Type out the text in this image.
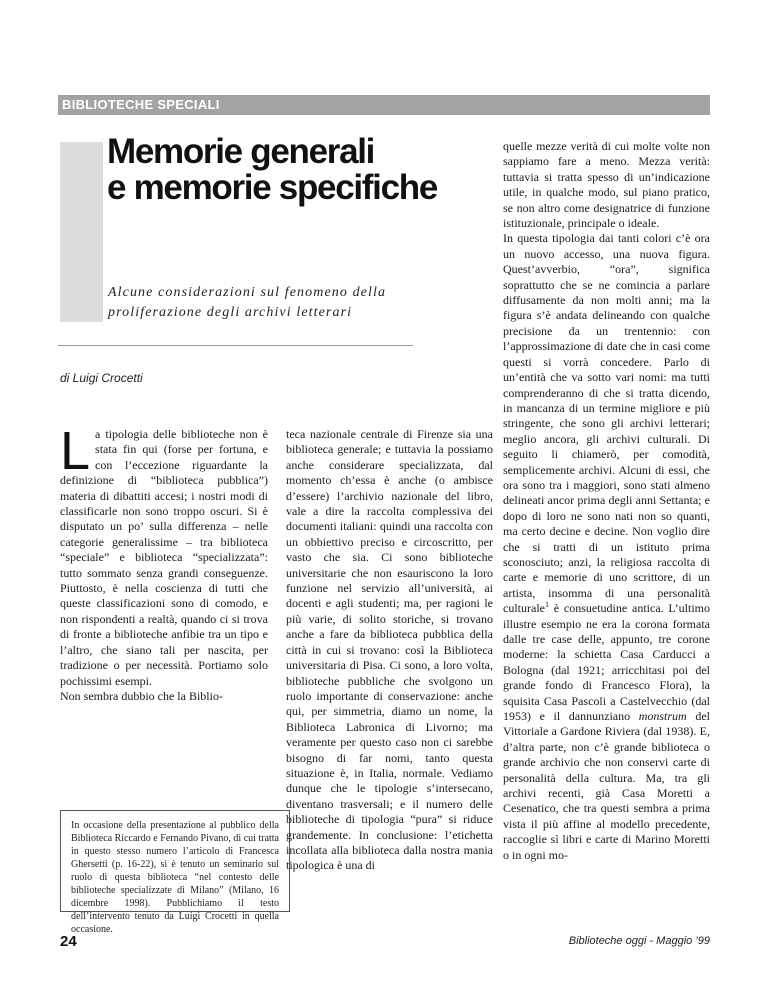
BIBLIOTECHE SPECIALI
Memorie generali
e memorie specifiche

Alcune considerazioni sul fenomeno della
proliferazione degli archivi letterari

di Luigi Crocetti
L a tipologia delle biblioteche non è stata fin qui (forse per fortuna, e con l’eccezione riguardante la definizione di “biblioteca pubblica”) materia di dibattiti accesi; i nostri modi di classificarle non sono troppo oscuri. Si è disputato un po’ sulla differenza – nelle categorie generalissime – tra biblioteca “speciale” e biblioteca “specializzata”: tutto sommato senza grandi conseguenze. Piuttosto, è nella coscienza di tutti che queste classificazioni sono di comodo, e non rispondenti a realtà, quando ci si trova di fronte a biblioteche anfibie tra un tipo e l’altro, che siano tali per nascita, per tradizione o per necessità. Portiamo solo pochissimi esempi.
Non sembra dubbio che la Biblio-
In occasione della presentazione al pubblico della Biblioteca Riccardo e Fernando Pivano, di cui tratta in questo stesso numero l’articolo di Francesca Ghersetti (p. 16-22), si è tenuto un seminario sul ruolo di questa biblioteca “nel contesto delle biblioteche specializzate di Milano” (Milano, 16 dicembre 1998). Pubblichiamo il testo dell’intervento tenuto da Luigi Crocetti in quella occasione.
teca nazionale centrale di Firenze sia una biblioteca generale; e tuttavia la possiamo anche considerare specializzata, dal momento ch’essa è anche (o ambisce d’essere) l’archivio nazionale del libro, vale a dire la raccolta complessiva dei documenti italiani: quindi una raccolta con un obbiettivo preciso e circoscritto, per vasto che sia. Ci sono biblioteche universitarie che non esauriscono la loro funzione nel servizio all’università, ai docenti e agli studenti; ma, per ragioni le più varie, di solito storiche, si trovano anche a fare da biblioteca pubblica della città in cui si trovano: così la Biblioteca universitaria di Pisa. Ci sono, a loro volta, biblioteche pubbliche che svolgono un ruolo importante di conservazione: anche qui, per simmetria, diamo un nome, la Biblioteca Labronica di Livorno; ma veramente per questo caso non ci sarebbe bisogno di far nomi, tanto questa situazione è, in Italia, normale. Vediamo dunque che le tipologie s’intersecano, diventano trasversali; e il numero delle biblioteche di tipologia “pura” si riduce grandemente. In conclusione: l’etichetta incollata alla biblioteca dalla nostra mania tipologica è una di
quelle mezze verità di cui molte volte non sappiamo fare a meno. Mezza verità: tuttavia si tratta spesso di un’indicazione utile, in qualche modo, sul piano pratico, se non altro come designatrice di funzione istituzionale, principale o ideale.
In questa tipologia dai tanti colori c’è ora un nuovo accesso, una nuova figura. Quest’avverbio, “ora”, significa soprattutto che se ne comincia a parlare diffusamente da non molti anni; ma la figura s’è andata delineando con qualche precisione da un trentennio: con l’approssimazione di date che in casi come questi si vorrà concedere. Parlo di un’entità che va sotto vari nomi: ma tutti comprenderanno di che si tratta dicendo, in mancanza di un termine migliore e più stringente, che sono gli archivi letterari; meglio ancora, gli archivi culturali. Di seguito li chiamerò, per comodità, semplicemente archivi. Alcuni di essi, che ora sono tra i maggiori, sono stati almeno delineati ancor prima degli anni Settanta; e dopo di loro ne sono nati non so quanti, ma certo decine e decine. Non voglio dire che si tratti di un istituto prima sconosciuto; anzi, la religiosa raccolta di carte e memorie di uno scrittore, di un artista, insomma di una personalità culturale$^1$ è consuetudine antica. L’ultimo illustre esempio ne era la corona formata dalle tre case delle, appunto, tre corone moderne: la schietta Casa Carducci a Bologna (dal 1921; arricchitasi poi del grande fondo di Francesco Flora), la squisita Casa Pascoli a Castelvecchio (dal 1953) e il dannunziano monstrum del Vittoriale a Gardone Riviera (dal 1938). E, d’altra parte, non c’è grande biblioteca o grande archivio che non conservi carte di personalità della cultura. Ma, tra gli archivi recenti, già Casa Moretti a Cesenatico, che tra questi sembra a prima vista il più affine al modello precedente, raccoglie sì libri e carte di Marino Moretti o in ogni mo-
24	Biblioteche oggi - Maggio ’99
